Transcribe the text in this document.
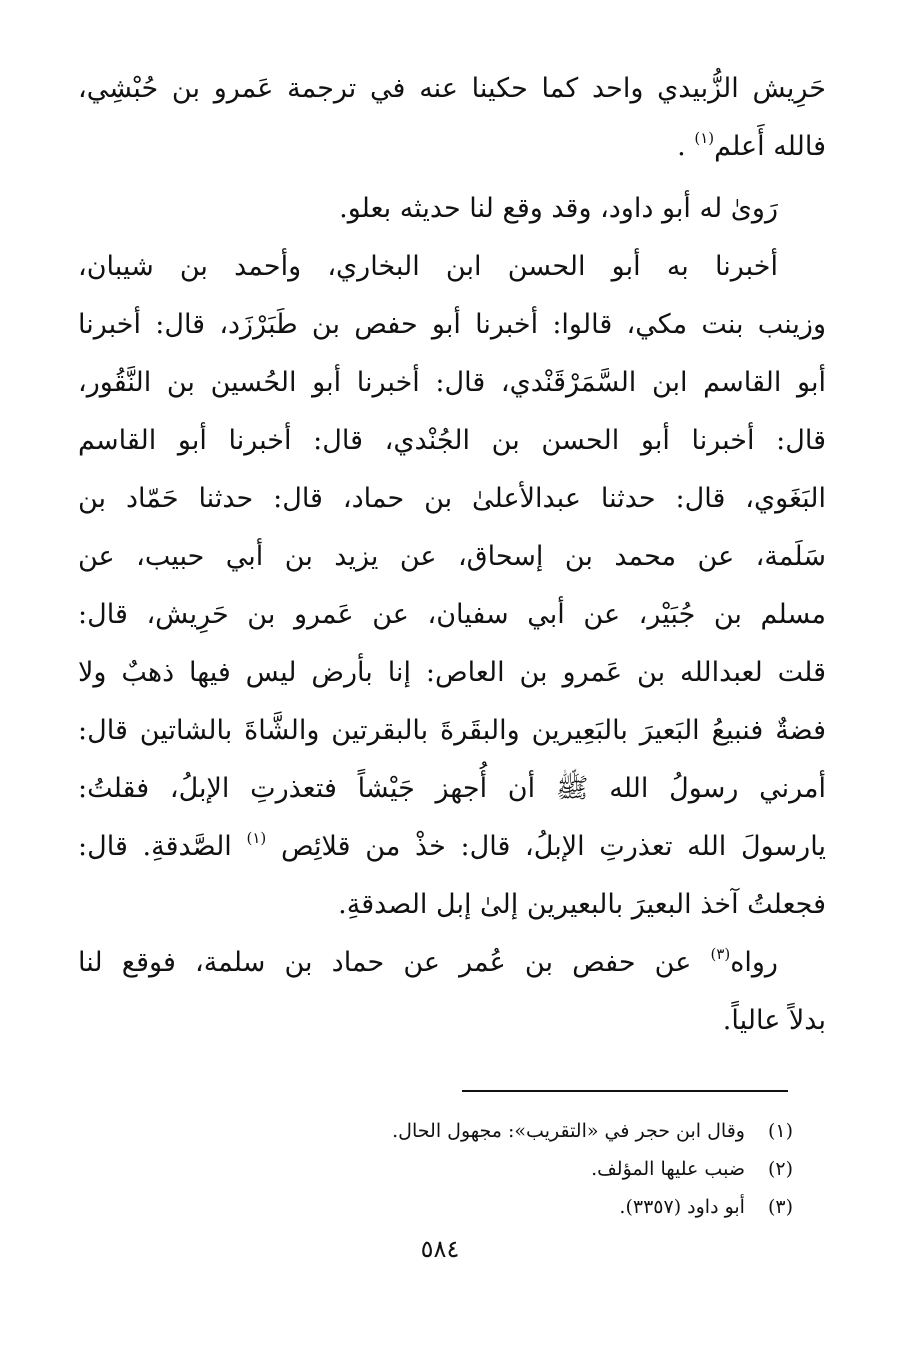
حَرِيش الزُّبيدي واحد كما حكينا عنه في ترجمة عَمرو بن حُبْشِي،
فالله أَعلم$^{(١)}$ .
رَوىٰ له أبو داود، وقد وقع لنا حديثه بعلو.
أخبرنا به أبو الحسن ابن البخاري، وأحمد بن شيبان،
وزينب بنت مكي، قالوا: أخبرنا أبو حفص بن طَبَرْزَد، قال: أخبرنا
أبو القاسم ابن السَّمَرْقَنْدي، قال: أخبرنا أبو الحُسين بن النَّقُور،
قال: أخبرنا أبو الحسن بن الجُنْدي، قال: أخبرنا أبو القاسم
البَغَوي، قال: حدثنا عبدالأعلىٰ بن حماد، قال: حدثنا حَمّاد بن
سَلَمة، عن محمد بن إسحاق، عن يزيد بن أبي حبيب، عن
مسلم بن جُبَيْر، عن أبي سفيان، عن عَمرو بن حَرِيش، قال:
قلت لعبدالله بن عَمرو بن العاص: إنا بأرض ليس فيها ذهبٌ ولا
فضةٌ فنبيعُ البَعيرَ بالبَعِيرين والبقَرةَ بالبقرتين والشَّاةَ بالشاتين قال:
أمرني رسولُ الله ﷺ أن أُجهز جَيْشاً فتعذرتِ الإبلُ، فقلتُ:
يارسولَ الله تعذرتِ الإبلُ، قال: خذْ من قلائِص $^{(١)}$ الصَّدقةِ. قال:
فجعلتُ آخذ البعيرَ بالبعيرين إلىٰ إبل الصدقةِ.
رواه$^{(٣)}$ عن حفص بن عُمر عن حماد بن سلمة، فوقع لنا
بدلاً عالياً.
(١) وقال ابن حجر في «التقريب»: مجهول الحال.
(٢) ضبب عليها المؤلف.
(٣) أبو داود (٣٣٥٧).
٥٨٤
